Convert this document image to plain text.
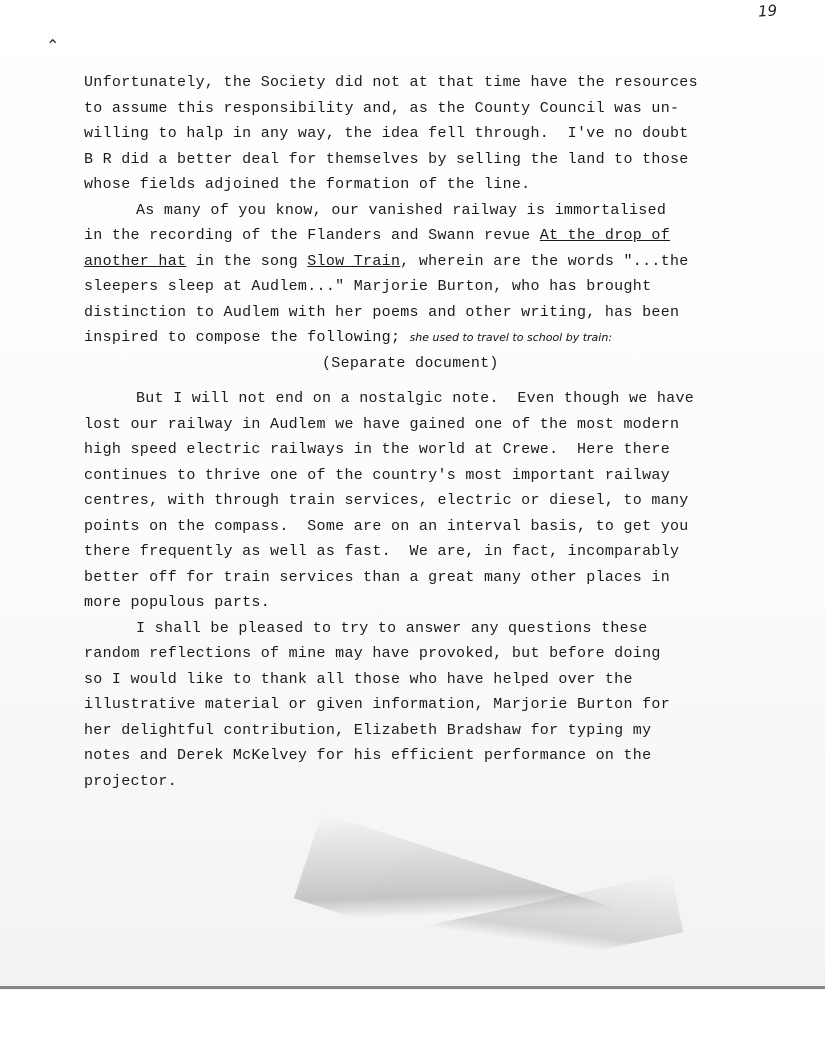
19
⌃
Unfortunately, the Society did not at that time have the resources
to assume this responsibility and, as the County Council was un-
willing to halp in any way, the idea fell through.  I've no doubt
B R did a better deal for themselves by selling the land to those
whose fields adjoined the formation of the line.
As many of you know, our vanished railway is immortalised
in the recording of the Flanders and Swann revue At the drop of
another hat in the song Slow Train, wherein are the words "...the
sleepers sleep at Audlem..." Marjorie Burton, who has brought
distinction to Audlem with her poems and other writing, has been
inspired to compose the following; she used to travel to school by train:
(Separate document)
But I will not end on a nostalgic note.  Even though we have
lost our railway in Audlem we have gained one of the most modern
high speed electric railways in the world at Crewe.  Here there
continues to thrive one of the country's most important railway
centres, with through train services, electric or diesel, to many
points on the compass.  Some are on an interval basis, to get you
there frequently as well as fast.  We are, in fact, incomparably
better off for train services than a great many other places in
more populous parts.
I shall be pleased to try to answer any questions these
random reflections of mine may have provoked, but before doing
so I would like to thank all those who have helped over the
illustrative material or given information, Marjorie Burton for
her delightful contribution, Elizabeth Bradshaw for typing my
notes and Derek McKelvey for his efficient performance on the
projector.
